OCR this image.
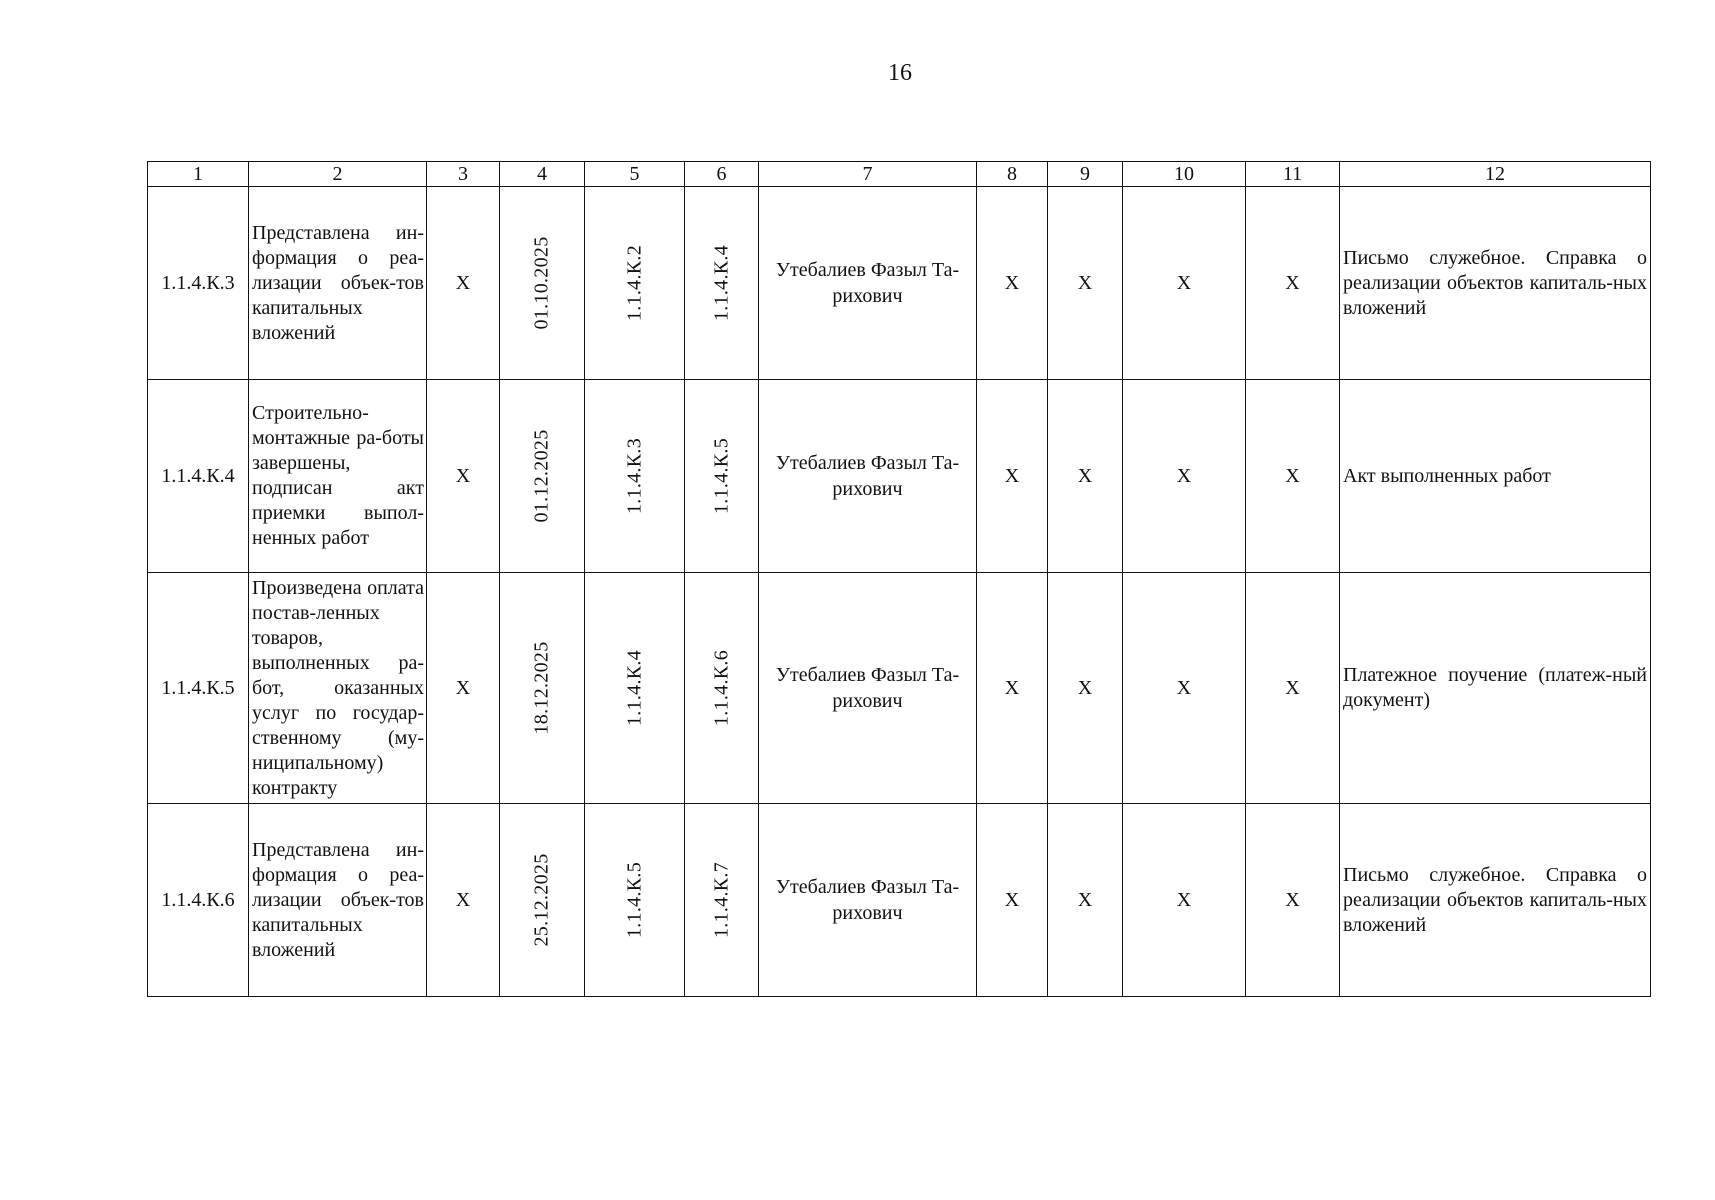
16
1	2	3	4	5	6	7	8	9	10	11	12
1.1.4.К.3	Представлена ин-формация о реа-лизации объек-тов капитальных вложений	Х	01.10.2025	1.1.4.К.2	1.1.4.К.4	Утебалиев Фазыл Та-рихович	Х	Х	Х	Х	Письмо служебное. Справка о реализации объектов капиталь-ных вложений
1.1.4.К.4	Строительно-монтажные ра-боты завершены, подписан акт приемки выпол-ненных работ	Х	01.12.2025	1.1.4.К.3	1.1.4.К.5	Утебалиев Фазыл Та-рихович	Х	Х	Х	Х	Акт выполненных работ
1.1.4.К.5	Произведена оплата постав-ленных товаров, выполненных ра-бот, оказанных услуг по государ-ственному (му-ниципальному) контракту	Х	18.12.2025	1.1.4.К.4	1.1.4.К.6	Утебалиев Фазыл Та-рихович	Х	Х	Х	Х	Платежное поучение (платеж-ный документ)
1.1.4.К.6	Представлена ин-формация о реа-лизации объек-тов капитальных вложений	Х	25.12.2025	1.1.4.К.5	1.1.4.К.7	Утебалиев Фазыл Та-рихович	Х	Х	Х	Х	Письмо служебное. Справка о реализации объектов капиталь-ных вложений
